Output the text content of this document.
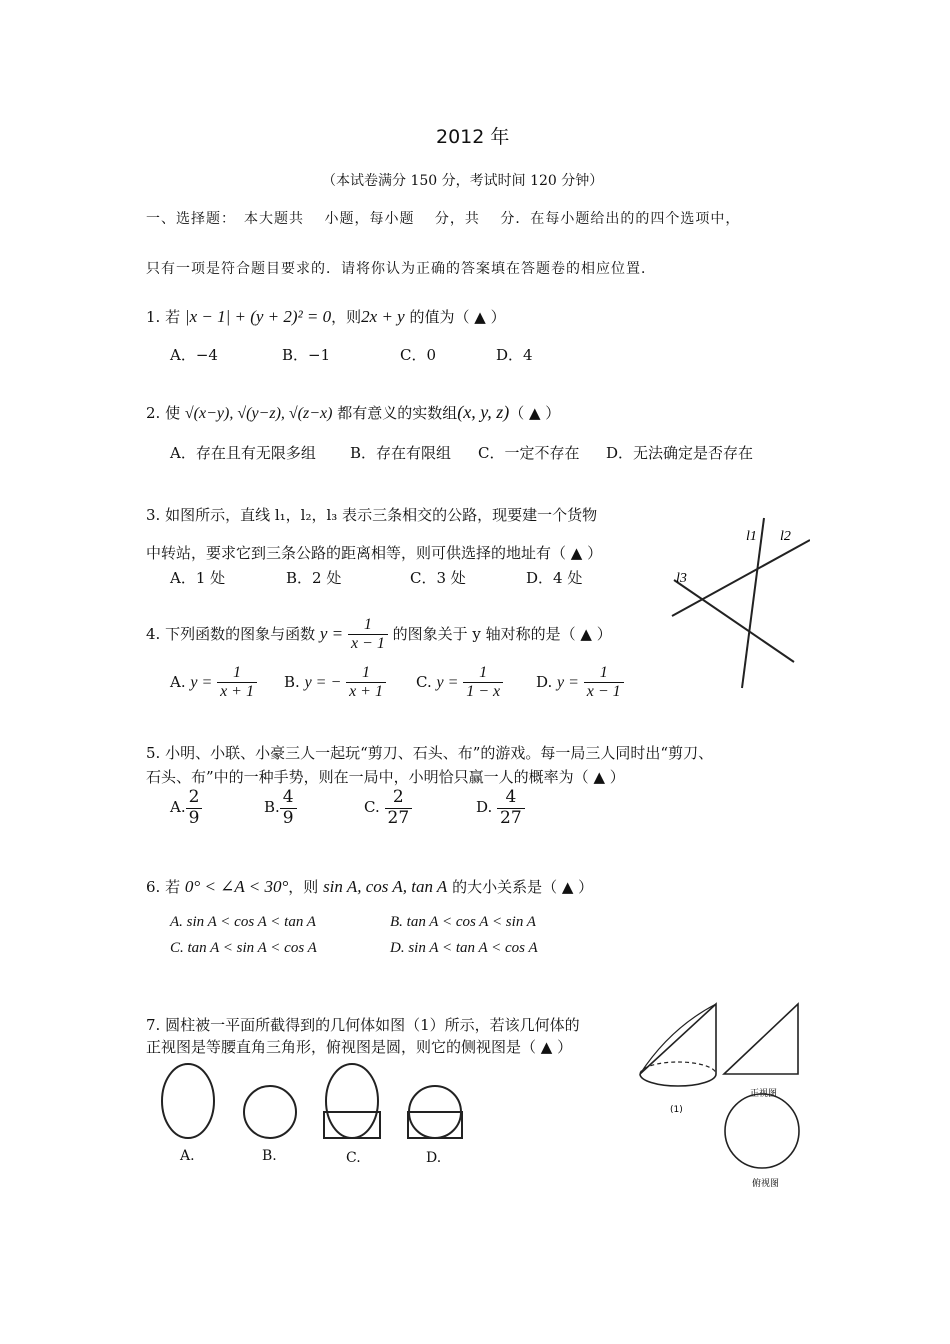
2012 年
（本试卷满分 150 分，考试时间 120 分钟）
一、选择题： 本大题共　 小题，每小题　 分，共　 分．在每小题给出的的四个选项中，
只有一项是符合题目要求的．请将你认为正确的答案填在答题卷的相应位置．
1. 若 |x − 1| + (y + 2)² = 0，则2x + y 的值为（ ▲ ）
A．−4	B．−1	C．0	D．4
2. 使 √(x−y), √(y−z), √(z−x) 都有意义的实数组(x, y, z)（ ▲ ）
A．存在且有无限多组 B．存在有限组 C．一定不存在 D．无法确定是否存在
3. 如图所示，直线 l₁，l₂，l₃ 表示三条相交的公路，现要建一个货物
中转站，要求它到三条公路的距离相等，则可供选择的地址有（ ▲ ）
A．1 处	B．2 处	C．3 处	D．4 处
l1 l2
l3
4. 下列函数的图象与函数 $y = \frac{1}{x - 1}$ 的图象关于 y 轴对称的是（ ▲ ）
A. $y = \frac{1}{x + 1} B$. y = − $\frac{1}{x + 1} C$. $y = \frac{1}{1 - x} D$. $y = \frac{1}{x - 1}$
5. 小明、小联、小豪三人一起玩“剪刀、石头、布”的游戏。每一局三人同时出“剪刀、
石头、布”中的一种手势，则在一局中，小明恰只赢一人的概率为（ ▲ ）
A. $\frac{2}{9}$	B. $\frac{4}{9}$	C. $\frac{2}{27}$	D. $\frac{4}{27}$
6. 若 0° < ∠A < 30°，则 sin A, cos A, tan A 的大小关系是（ ▲ ）
A. sin A < cos A < tan A	B. tan A < cos A < sin A
C. tan A < sin A < cos A	D. sin A < tan A < cos A
7. 圆柱被一平面所截得到的几何体如图（1）所示，若该几何体的
正视图是等腰直角三角形，俯视图是圆，则它的侧视图是（ ▲ ）
A.	B.	C.	D.
(1)
正视图
俯视图
